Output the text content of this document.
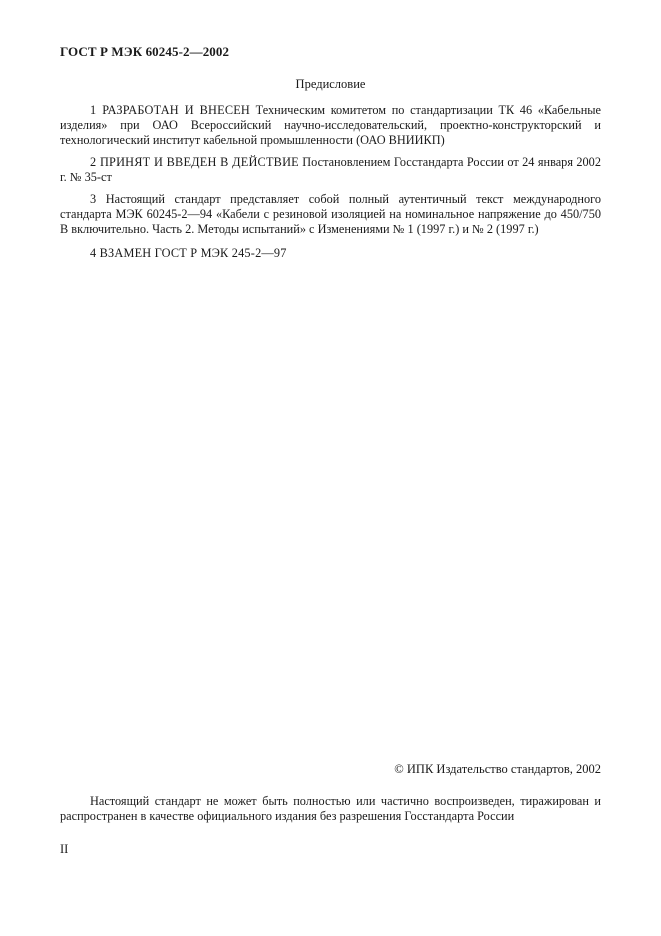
ГОСТ Р МЭК 60245-2—2002
Предисловие
1 РАЗРАБОТАН И ВНЕСЕН Техническим комитетом по стандартизации ТК 46 «Кабельные изделия» при ОАО Всероссийский научно-исследовательский, проектно-конструкторский и технологический институт кабельной промышленности (ОАО ВНИИКП)
2 ПРИНЯТ И ВВЕДЕН В ДЕЙСТВИЕ Постановлением Госстандарта России от 24 января 2002 г. № 35-ст
3 Настоящий стандарт представляет собой полный аутентичный текст международного стандарта МЭК 60245-2—94 «Кабели с резиновой изоляцией на номинальное напряжение до 450/750 В включительно. Часть 2. Методы испытаний» с Изменениями № 1 (1997 г.) и № 2 (1997 г.)
4 ВЗАМЕН ГОСТ Р МЭК 245-2—97
© ИПК Издательство стандартов, 2002
Настоящий стандарт не может быть полностью или частично воспроизведен, тиражирован и распространен в качестве официального издания без разрешения Госстандарта России
II
